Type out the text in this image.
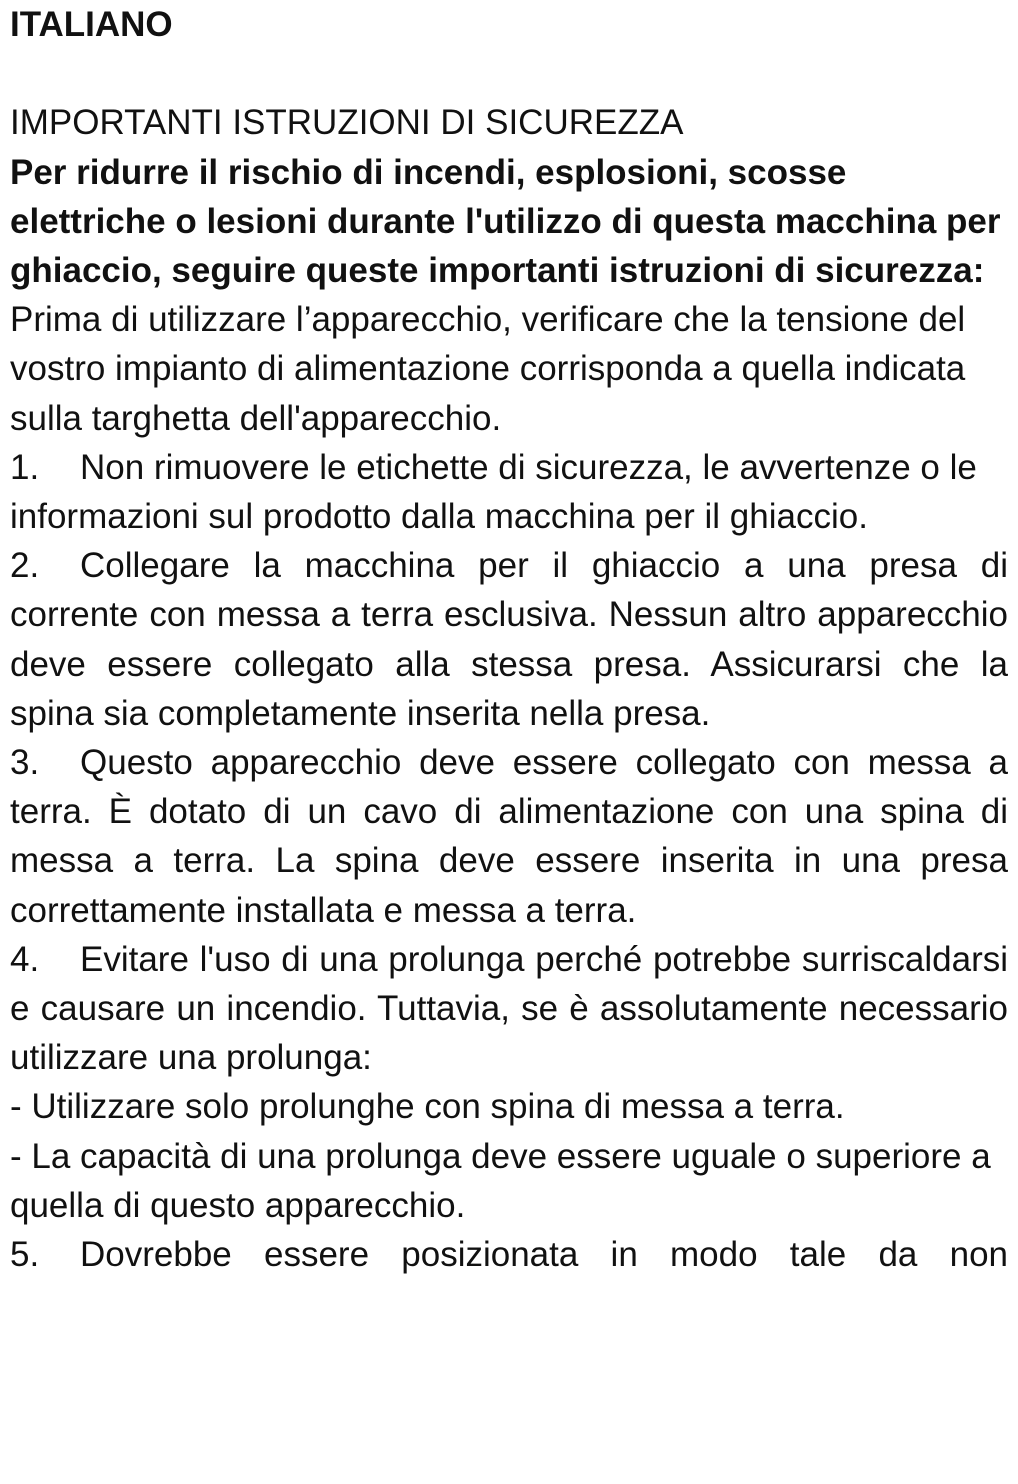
ITALIANO
IMPORTANTI ISTRUZIONI DI SICUREZZA
Per ridurre il rischio di incendi, esplosioni, scosse elettriche o lesioni durante l'utilizzo di questa macchina per ghiaccio, seguire queste importanti istruzioni di sicurezza:
Prima di utilizzare l’apparecchio, verificare che la tensione del vostro impianto di alimentazione corrisponda a quella indicata sulla targhetta dell'apparecchio.
1. Non rimuovere le etichette di sicurezza, le avvertenze o le informazioni sul prodotto dalla macchina per il ghiaccio.
2. Collegare la macchina per il ghiaccio a una presa di corrente con messa a terra esclusiva. Nessun altro apparecchio deve essere collegato alla stessa presa. Assicurarsi che la spina sia completamente inserita nella presa.
3. Questo apparecchio deve essere collegato con messa a terra. È dotato di un cavo di alimentazione con una spina di messa a terra. La spina deve essere inserita in una presa correttamente installata e messa a terra.
4. Evitare l'uso di una prolunga perché potrebbe surriscaldarsi e causare un incendio. Tuttavia, se è assolutamente necessario utilizzare una prolunga:
- Utilizzare solo prolunghe con spina di messa a terra.
- La capacità di una prolunga deve essere uguale o superiore a quella di questo apparecchio.
5. Dovrebbe essere posizionata in modo tale da non
